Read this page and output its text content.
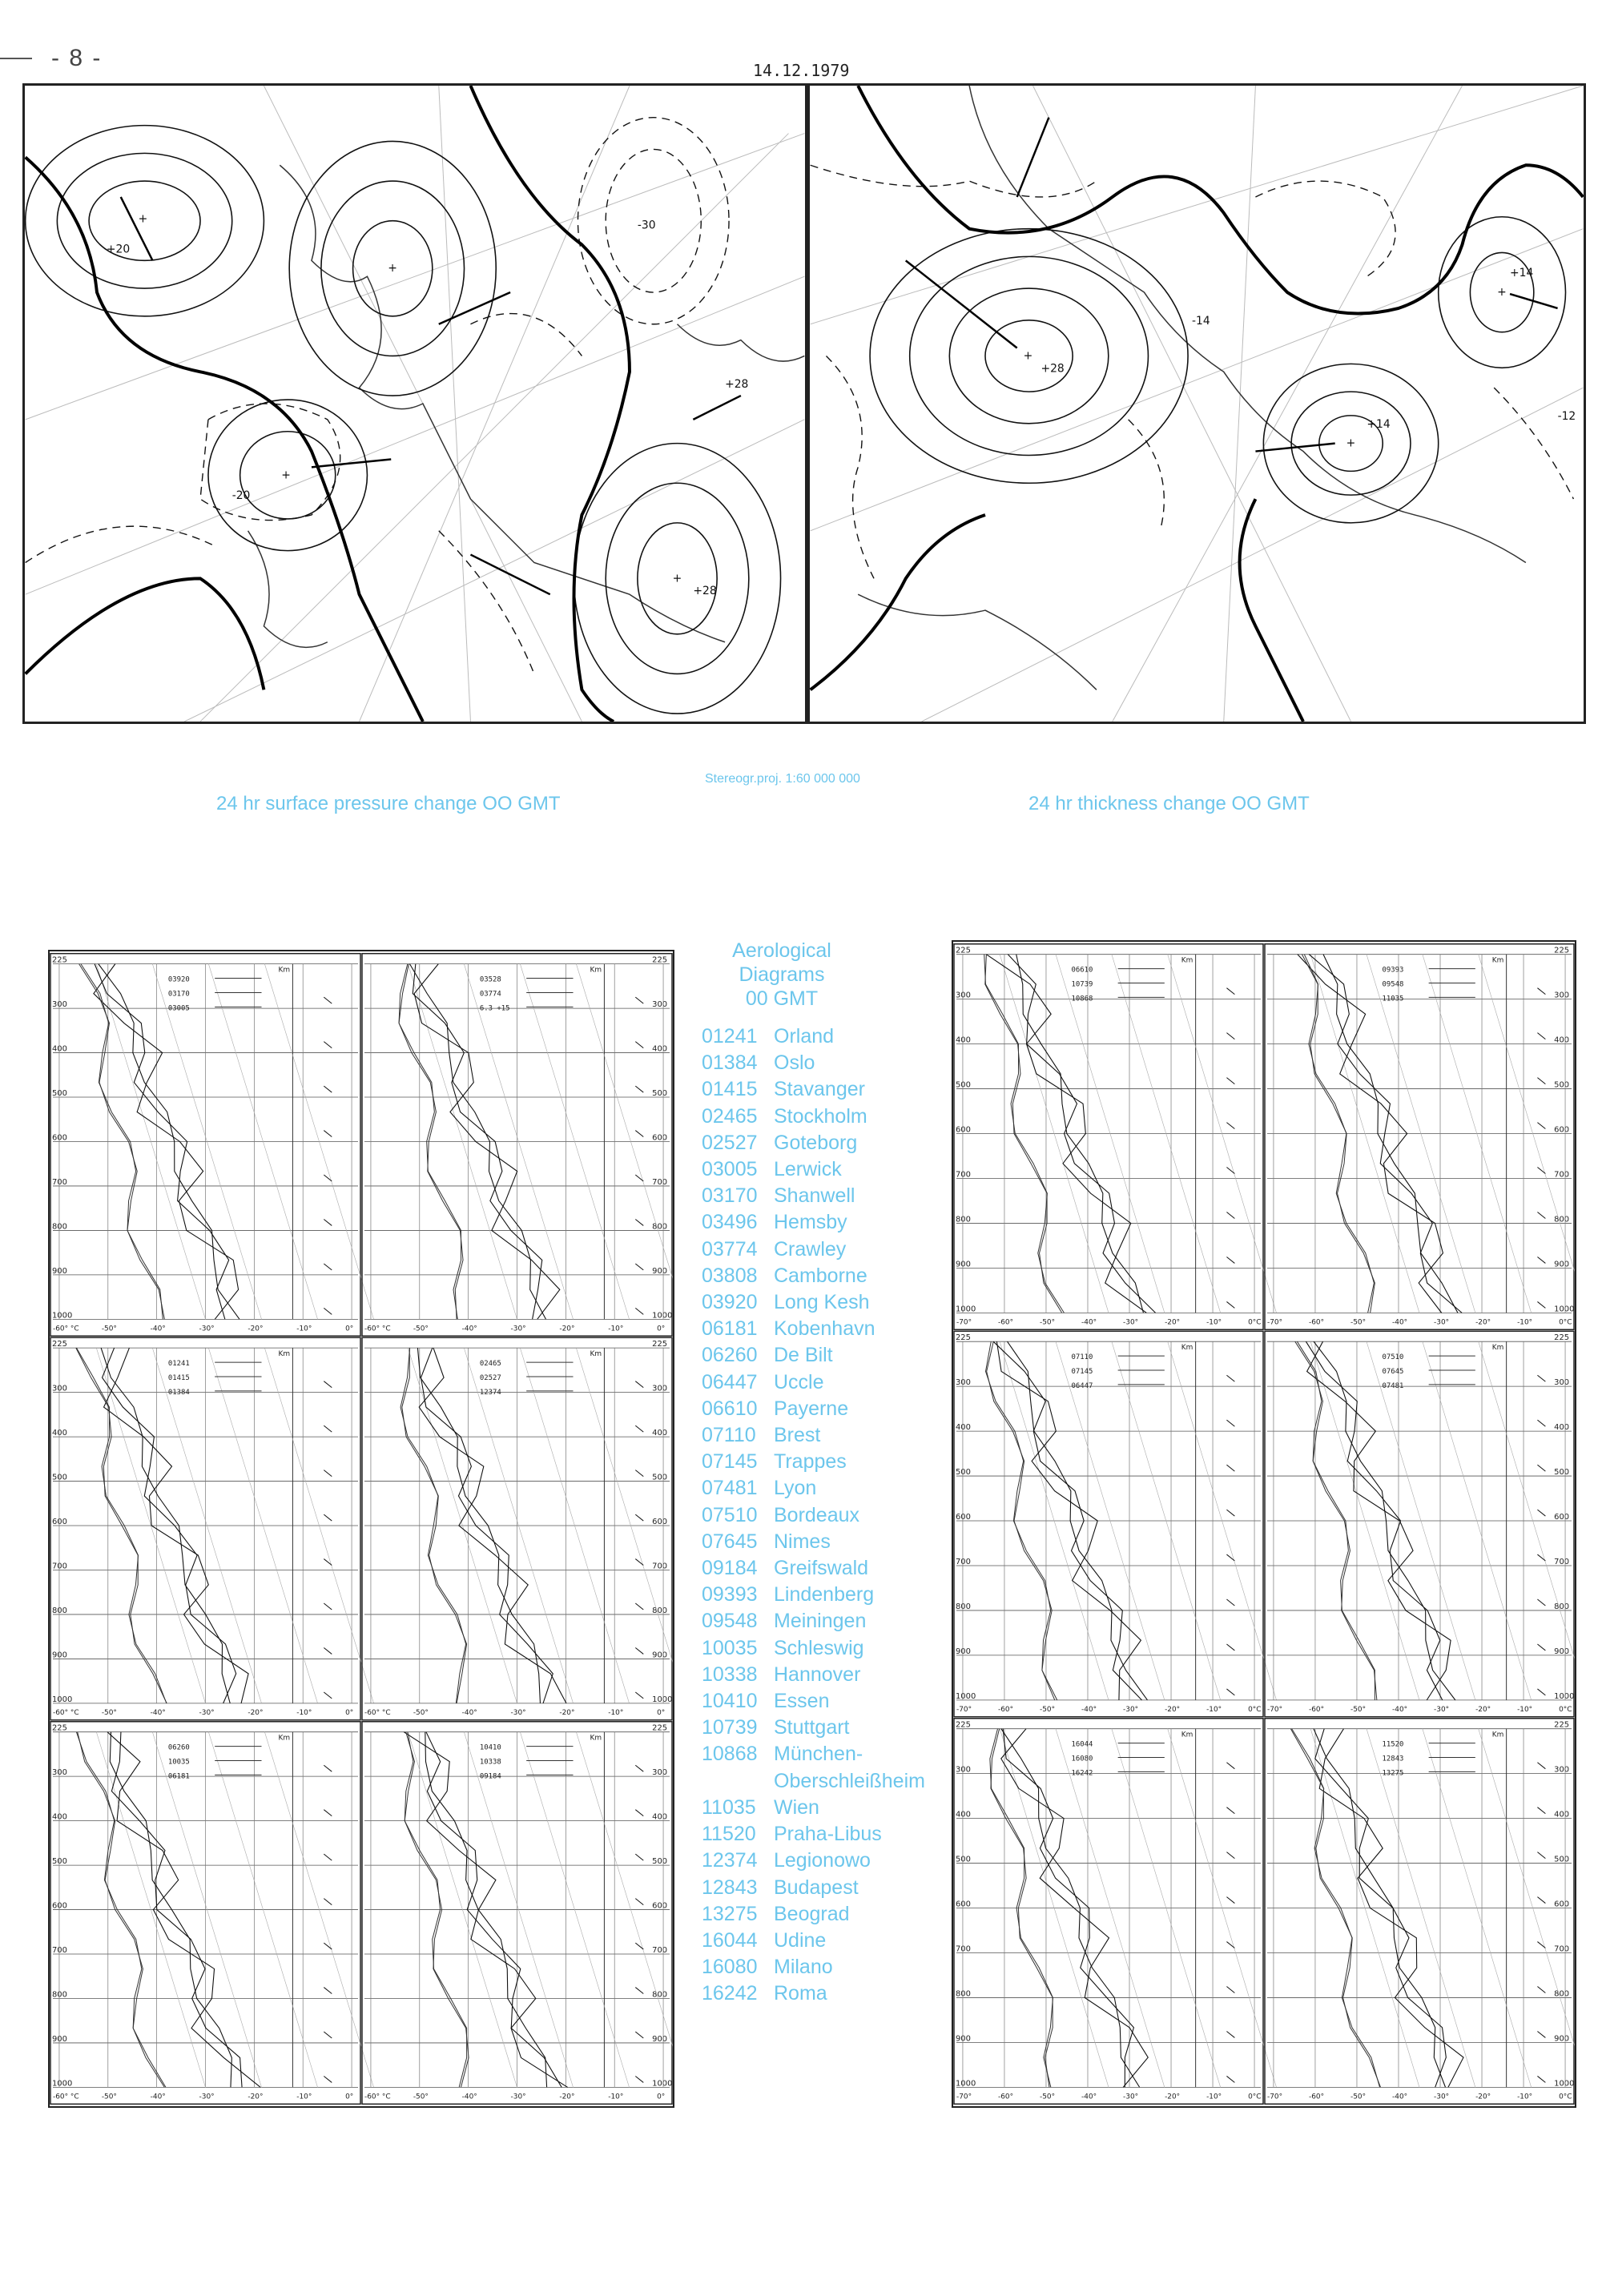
- 8 -	14.12.1979
+
+
+
+
+20
+28
+28
-20
-30
+
+
+
+28
+14
+14
-12
-14
24 hr surface pressure change OO GMT
Stereogr.proj. 1:60 000 000
24 hr thickness change OO GMT
225
300
400
500
600
700
800
900
1000
-60° °C	-50°	-40°	-30°	-20°	-10°	0°
Km
03920
03170
03005
225
300
400
500
600
700
800
900
1000
-60° °C	-50°	-40°	-30°	-20°	-10°	0°
Km
03528
03774
6.3 +15
225
300
400
500
600
700
800
900
1000
-60° °C	-50°	-40°	-30°	-20°	-10°	0°
Km
01241
01415
01384
225
300
400
500
600
700
800
900
1000
-60° °C	-50°	-40°	-30°	-20°	-10°	0°
Km
02465
02527
12374
225
300
400
500
600
700
800
900
1000
-60° °C	-50°	-40°	-30°	-20°	-10°	0°
Km
06260
10035
06181
225
300
400
500
600
700
800
900
1000
-60° °C	-50°	-40°	-30°	-20°	-10°	0°
Km
10410
10338
09184
Aerological
Diagrams
00 GMT
01241 Orland
01384 Oslo
01415 Stavanger
02465 Stockholm
02527 Goteborg
03005 Lerwick
03170 Shanwell
03496 Hemsby
03774 Crawley
03808 Camborne
03920 Long Kesh
06181 Kobenhavn
06260 De Bilt
06447 Uccle
06610 Payerne
07110 Brest
07145 Trappes
07481 Lyon
07510 Bordeaux
07645 Nimes
09184 Greifswald
09393 Lindenberg
09548 Meiningen
10035 Schleswig
10338 Hannover
10410 Essen
10739 Stuttgart
10868 München-
Oberschleißheim
11035 Wien
11520 Praha-Libus
12374 Legionowo
12843 Budapest
13275 Beograd
16044 Udine
16080 Milano
16242 Roma
225
300
400
500
600
700
800
900
1000
-70°	-60°	-50°	-40°	-30°	-20°	-10°	0°C
Km
06610
10739
10868
225
300
400
500
600
700
800
900
1000
-70°	-60°	-50°	-40°	-30°	-20°	-10°	0°C
Km
09393
09548
11035
225
300
400
500
600
700
800
900
1000
-70°	-60°	-50°	-40°	-30°	-20°	-10°	0°C
Km
07110
07145
06447
225
300
400
500
600
700
800
900
1000
-70°	-60°	-50°	-40°	-30°	-20°	-10°	0°C
Km
07510
07645
07481
225
300
400
500
600
700
800
900
1000
-70°	-60°	-50°	-40°	-30°	-20°	-10°	0°C
Km
16044
16080
16242
225
300
400
500
600
700
800
900
1000
-70°	-60°	-50°	-40°	-30°	-20°	-10°	0°C
Km
11520
12843
13275
